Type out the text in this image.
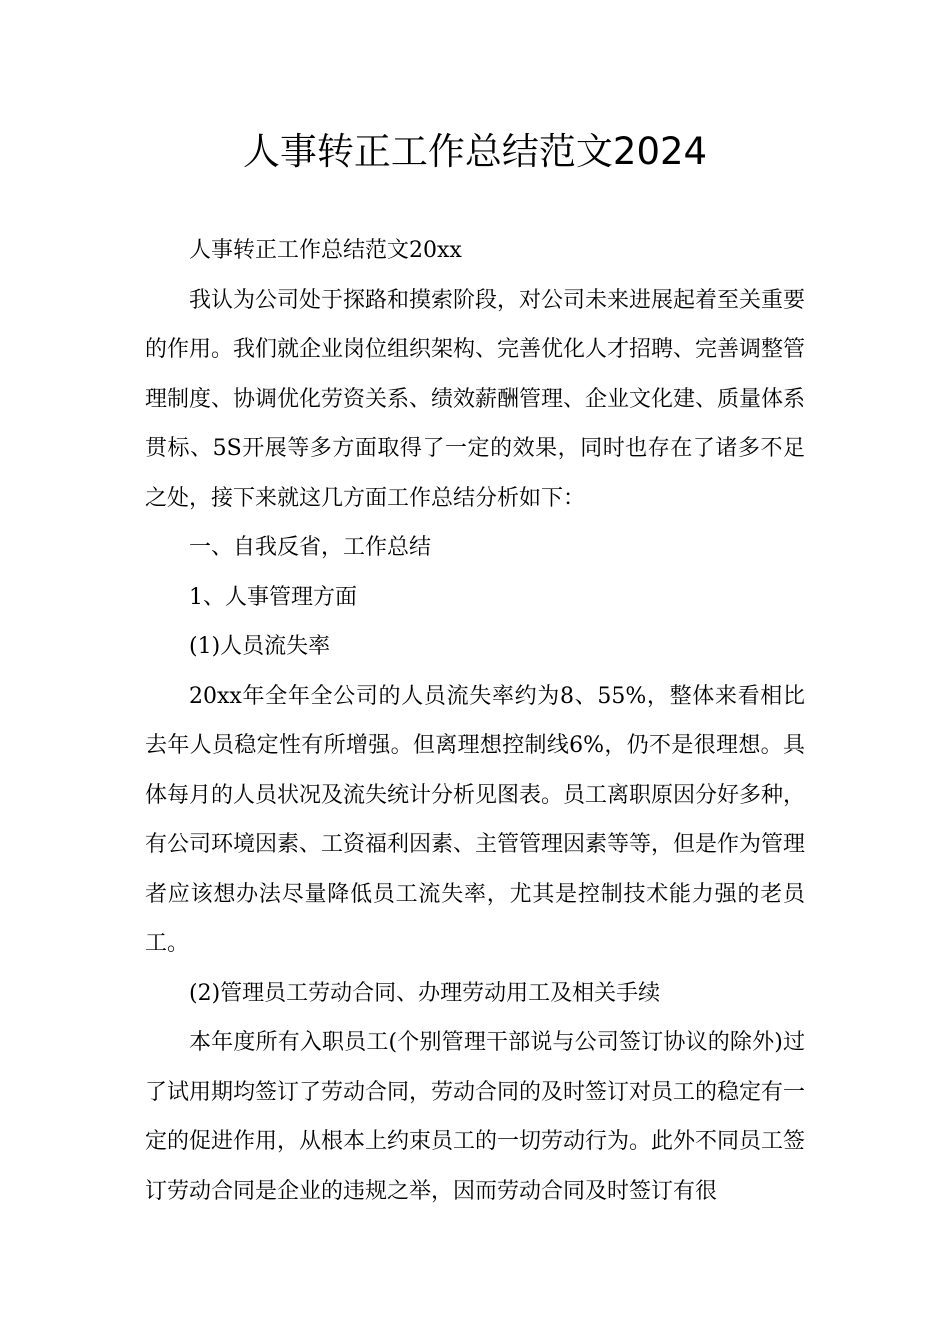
人事转正工作总结范文2024

人事转正工作总结范文20xx

我认为公司处于探路和摸索阶段，对公司未来进展起着至关重要的作用。我们就企业岗位组织架构、完善优化人才招聘、完善调整管理制度、协调优化劳资关系、绩效薪酬管理、企业文化建、质量体系贯标、5S开展等多方面取得了一定的效果，同时也存在了诸多不足之处，接下来就这几方面工作总结分析如下：

一、自我反省，工作总结

1、人事管理方面

(1)人员流失率

20xx年全年全公司的人员流失率约为8、55%，整体来看相比去年人员稳定性有所增强。但离理想控制线6%，仍不是很理想。具体每月的人员状况及流失统计分析见图表。员工离职原因分好多种，有公司环境因素、工资福利因素、主管管理因素等等，但是作为管理者应该想办法尽量降低员工流失率，尤其是控制技术能力强的老员工。

(2)管理员工劳动合同、办理劳动用工及相关手续

本年度所有入职员工(个别管理干部说与公司签订协议的除外)过了试用期均签订了劳动合同，劳动合同的及时签订对员工的稳定有一定的促进作用，从根本上约束员工的一切劳动行为。此外不同员工签订劳动合同是企业的违规之举，因而劳动合同及时签订有很
